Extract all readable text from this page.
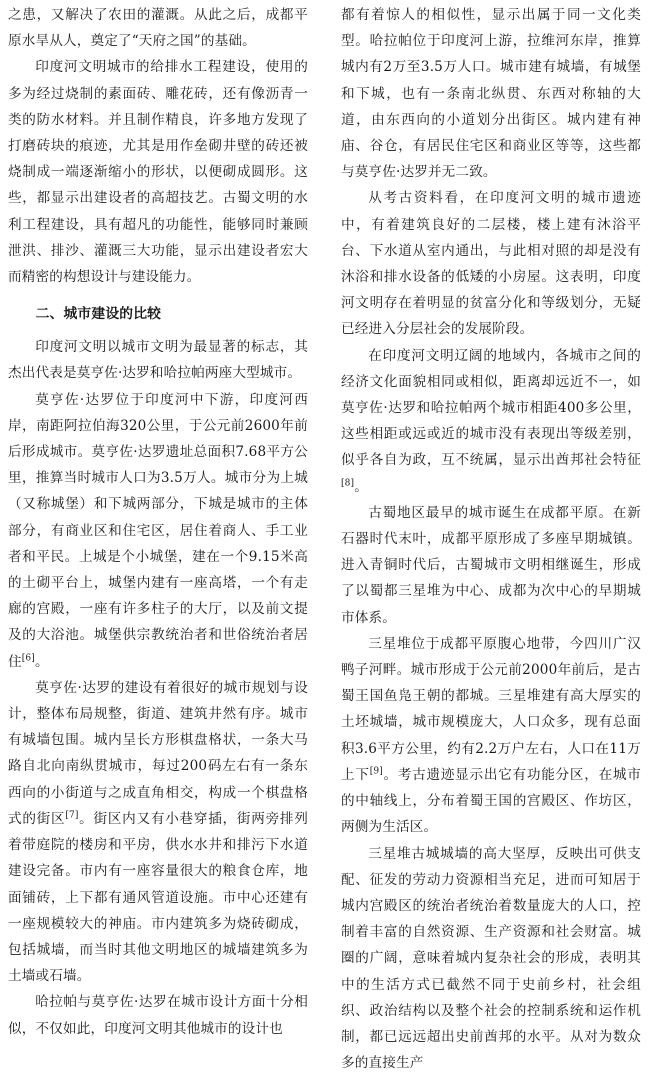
之患，又解决了农田的灌溉。从此之后，成都平原水旱从人，奠定了“天府之国”的基础。

印度河文明城市的给排水工程建设，使用的多为经过烧制的素面砖、雕花砖，还有像沥青一类的防水材料。并且制作精良，许多地方发现了打磨砖块的痕迹，尤其是用作垒砌井壁的砖还被烧制成一端逐渐缩小的形状，以便砌成圆形。这些，都显示出建设者的高超技艺。古蜀文明的水利工程建设，具有超凡的功能性，能够同时兼顾泄洪、排沙、灌溉三大功能，显示出建设者宏大而精密的构想设计与建设能力。

二、城市建设的比较

印度河文明以城市文明为最显著的标志，其杰出代表是莫亨佐·达罗和哈拉帕两座大型城市。

莫亨佐·达罗位于印度河中下游，印度河西岸，南距阿拉伯海320公里，于公元前2600年前后形成城市。莫亨佐·达罗遗址总面积7.68平方公里，推算当时城市人口为3.5万人。城市分为上城（又称城堡）和下城两部分，下城是城市的主体部分，有商业区和住宅区，居住着商人、手工业者和平民。上城是个小城堡，建在一个9.15米高的土砌平台上，城堡内建有一座高塔，一个有走廊的宫殿，一座有许多柱子的大厅，以及前文提及的大浴池。城堡供宗教统治者和世俗统治者居住[6]。

莫亨佐·达罗的建设有着很好的城市规划与设计，整体布局规整，街道、建筑井然有序。城市有城墙包围。城内呈长方形棋盘格状，一条大马路自北向南纵贯城市，每过200码左右有一条东西向的小街道与之成直角相交，构成一个棋盘格式的街区[7]。街区内又有小巷穿插，街两旁排列着带庭院的楼房和平房，供水水井和排污下水道建设完备。市内有一座容量很大的粮食仓库，地面铺砖，上下都有通风管道设施。市中心还建有一座规模较大的神庙。市内建筑多为烧砖砌成，包括城墙，而当时其他文明地区的城墙建筑多为土墙或石墙。

哈拉帕与莫亨佐·达罗在城市设计方面十分相似，不仅如此，印度河文明其他城市的设计也

都有着惊人的相似性，显示出属于同一文化类型。哈拉帕位于印度河上游，拉维河东岸，推算城内有2万至3.5万人口。城市建有城墙，有城堡和下城，也有一条南北纵贯、东西对称轴的大道，由东西向的小道划分出街区。城内建有神庙、谷仓，有居民住宅区和商业区等等，这些都与莫亨佐·达罗并无二致。

从考古资料看，在印度河文明的城市遗迹中，有着建筑良好的二层楼，楼上建有沐浴平台、下水道从室内通出，与此相对照的却是没有沐浴和排水设备的低矮的小房屋。这表明，印度河文明存在着明显的贫富分化和等级划分，无疑已经进入分层社会的发展阶段。

在印度河文明辽阔的地域内，各城市之间的经济文化面貌相同或相似，距离却远近不一，如莫亨佐·达罗和哈拉帕两个城市相距400多公里，这些相距或远或近的城市没有表现出等级差别，似乎各自为政，互不统属，显示出酋邦社会特征[8]。

古蜀地区最早的城市诞生在成都平原。在新石器时代末叶，成都平原形成了多座早期城镇。进入青铜时代后，古蜀城市文明相继诞生，形成了以蜀都三星堆为中心、成都为次中心的早期城市体系。

三星堆位于成都平原腹心地带，今四川广汉鸭子河畔。城市形成于公元前2000年前后，是古蜀王国鱼凫王朝的都城。三星堆建有高大厚实的土坯城墙，城市规模庞大，人口众多，现有总面积3.6平方公里，约有2.2万户左右，人口在11万上下[9]。考古遗迹显示出它有功能分区，在城市的中轴线上，分布着蜀王国的宫殿区、作坊区，两侧为生活区。

三星堆古城城墙的高大坚厚，反映出可供支配、征发的劳动力资源相当充足，进而可知居于城内宫殿区的统治者统治着数量庞大的人口，控制着丰富的自然资源、生产资源和社会财富。城圈的广阔，意味着城内复杂社会的形成，表明其中的生活方式已截然不同于史前乡村，社会组织、政治结构以及整个社会的控制系统和运作机制，都已远远超出史前酋邦的水平。从对为数众多的直接生产
